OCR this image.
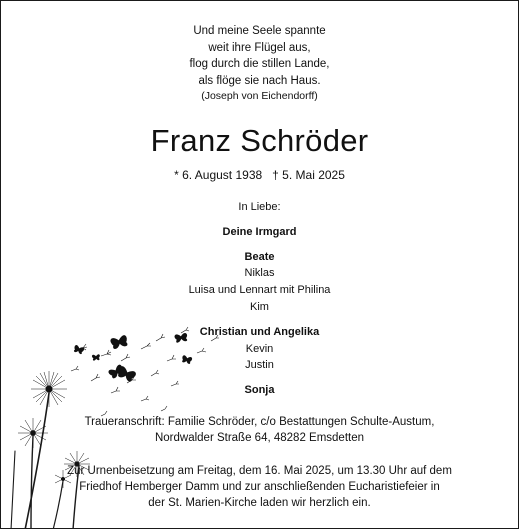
Und meine Seele spannte
weit ihre Flügel aus,
flog durch die stillen Lande,
als flöge sie nach Haus.
(Joseph von Eichendorff)
Franz Schröder
* 6. August 1938 † 5. Mai 2025
In Liebe:
Deine Irmgard
Beate
Niklas
Luisa und Lennart mit Philina
Kim
Christian und Angelika
Kevin
Justin
Sonja
Traueranschrift: Familie Schröder, c/o Bestattungen Schulte-Austum,
Nordwalder Straße 64, 48282 Emsdetten
Zur Urnenbeisetzung am Freitag, dem 16. Mai 2025, um 13.30 Uhr auf dem
Friedhof Hemberger Damm und zur anschließenden Eucharistiefeier in
der St. Marien-Kirche laden wir herzlich ein.
